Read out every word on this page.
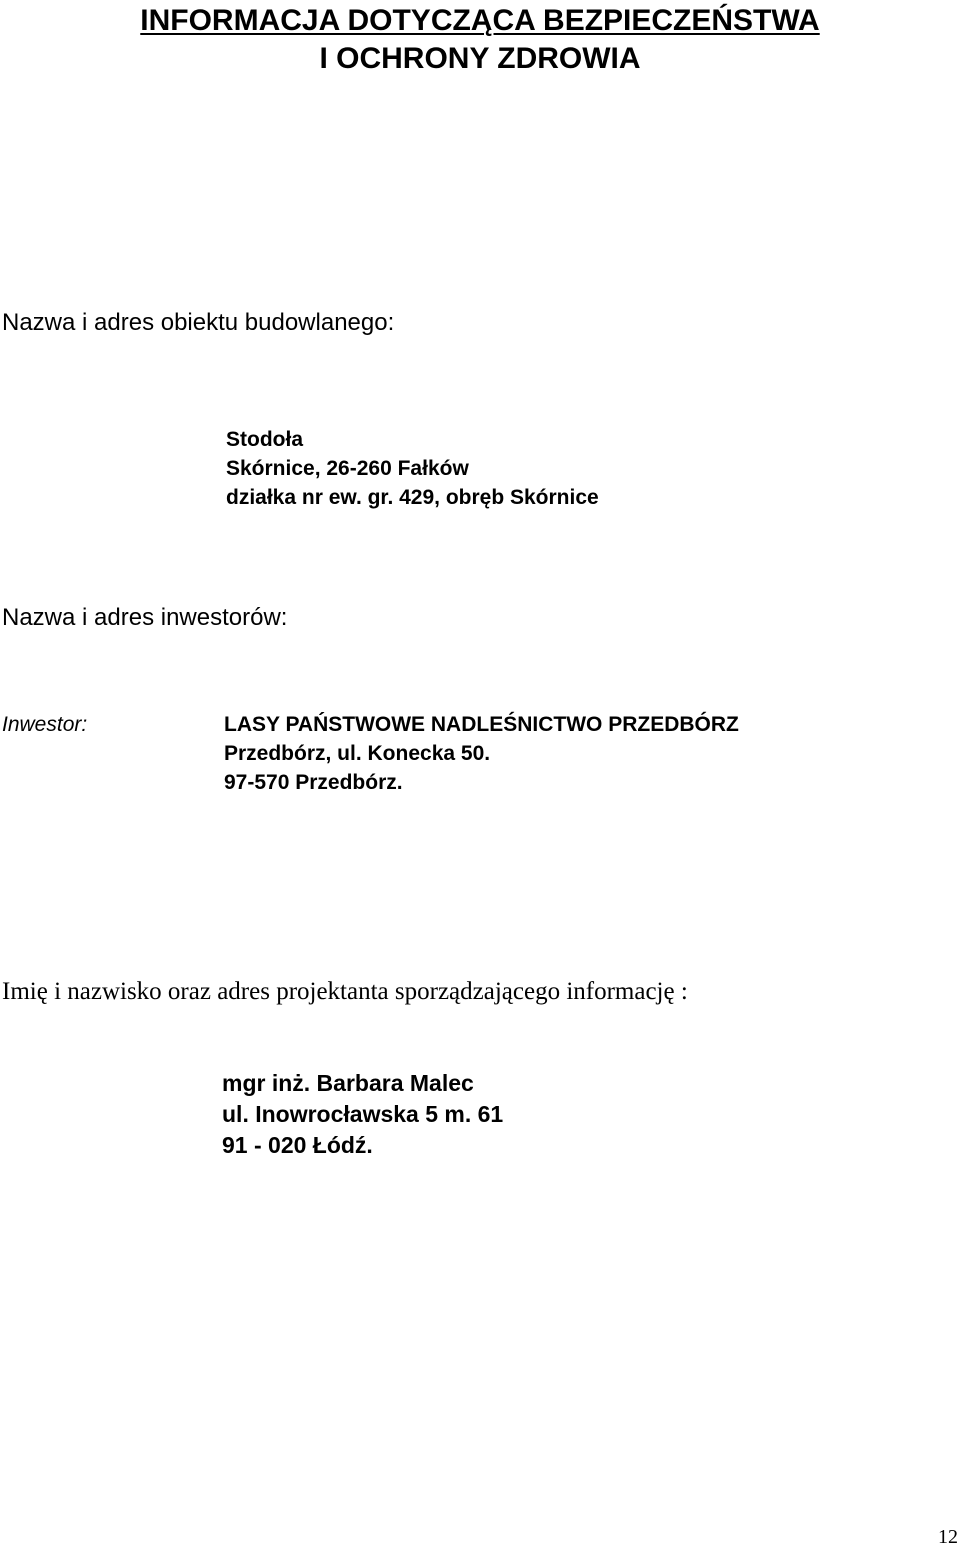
INFORMACJA DOTYCZĄCA BEZPIECZEŃSTWA
I OCHRONY ZDROWIA
Nazwa i adres obiektu budowlanego:
Stodoła
Skórnice, 26-260 Fałków
działka nr ew. gr. 429, obręb Skórnice
Nazwa i adres inwestorów:
Inwestor:	LASY PAŃSTWOWE NADLEŚNICTWO PRZEDBÓRZ
Przedbórz, ul. Konecka 50.
97-570 Przedbórz.
Imię i nazwisko oraz adres projektanta sporządzającego informację :
mgr inż. Barbara Malec
ul. Inowrocławska 5 m. 61
91 - 020 Łódź.
12
